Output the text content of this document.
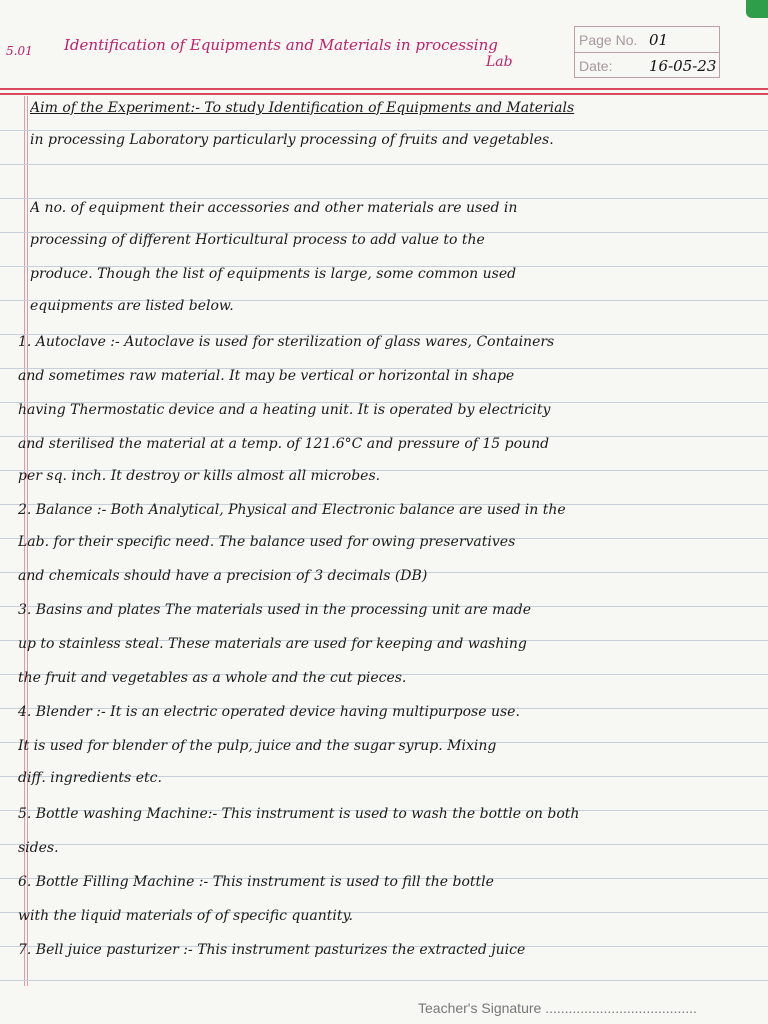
5.01 Identification of Equipments and Materials in processing
Lab
Page No. 01
Date:	16-05-23
Aim of the Experiment:- To study Identification of Equipments and Materials
in processing Laboratory particularly processing of fruits and vegetables.
A no. of equipment their accessories and other materials are used in
processing of different Horticultural process to add value to the
produce. Though the list of equipments is large, some common used
equipments are listed below.
1. Autoclave :- Autoclave is used for sterilization of glass wares, Containers
and sometimes raw material. It may be vertical or horizontal in shape
having Thermostatic device and a heating unit. It is operated by electricity
and sterilised the material at a temp. of 121.6°C and pressure of 15 pound
per sq. inch. It destroy or kills almost all microbes.
2. Balance :- Both Analytical, Physical and Electronic balance are used in the
Lab. for their specific need. The balance used for owing preservatives
and chemicals should have a precision of 3 decimals (DB)
3. Basins and plates The materials used in the processing unit are made
up to stainless steal. These materials are used for keeping and washing
the fruit and vegetables as a whole and the cut pieces.
4. Blender :- It is an electric operated device having multipurpose use.
It is used for blender of the pulp, juice and the sugar syrup. Mixing
diff. ingredients etc.
5. Bottle washing Machine:- This instrument is used to wash the bottle on both
sides.
6. Bottle Filling Machine :- This instrument is used to fill the bottle
with the liquid materials of of specific quantity.
7. Bell juice pasturizer :- This instrument pasturizes the extracted juice
Teacher's Signature .......................................
